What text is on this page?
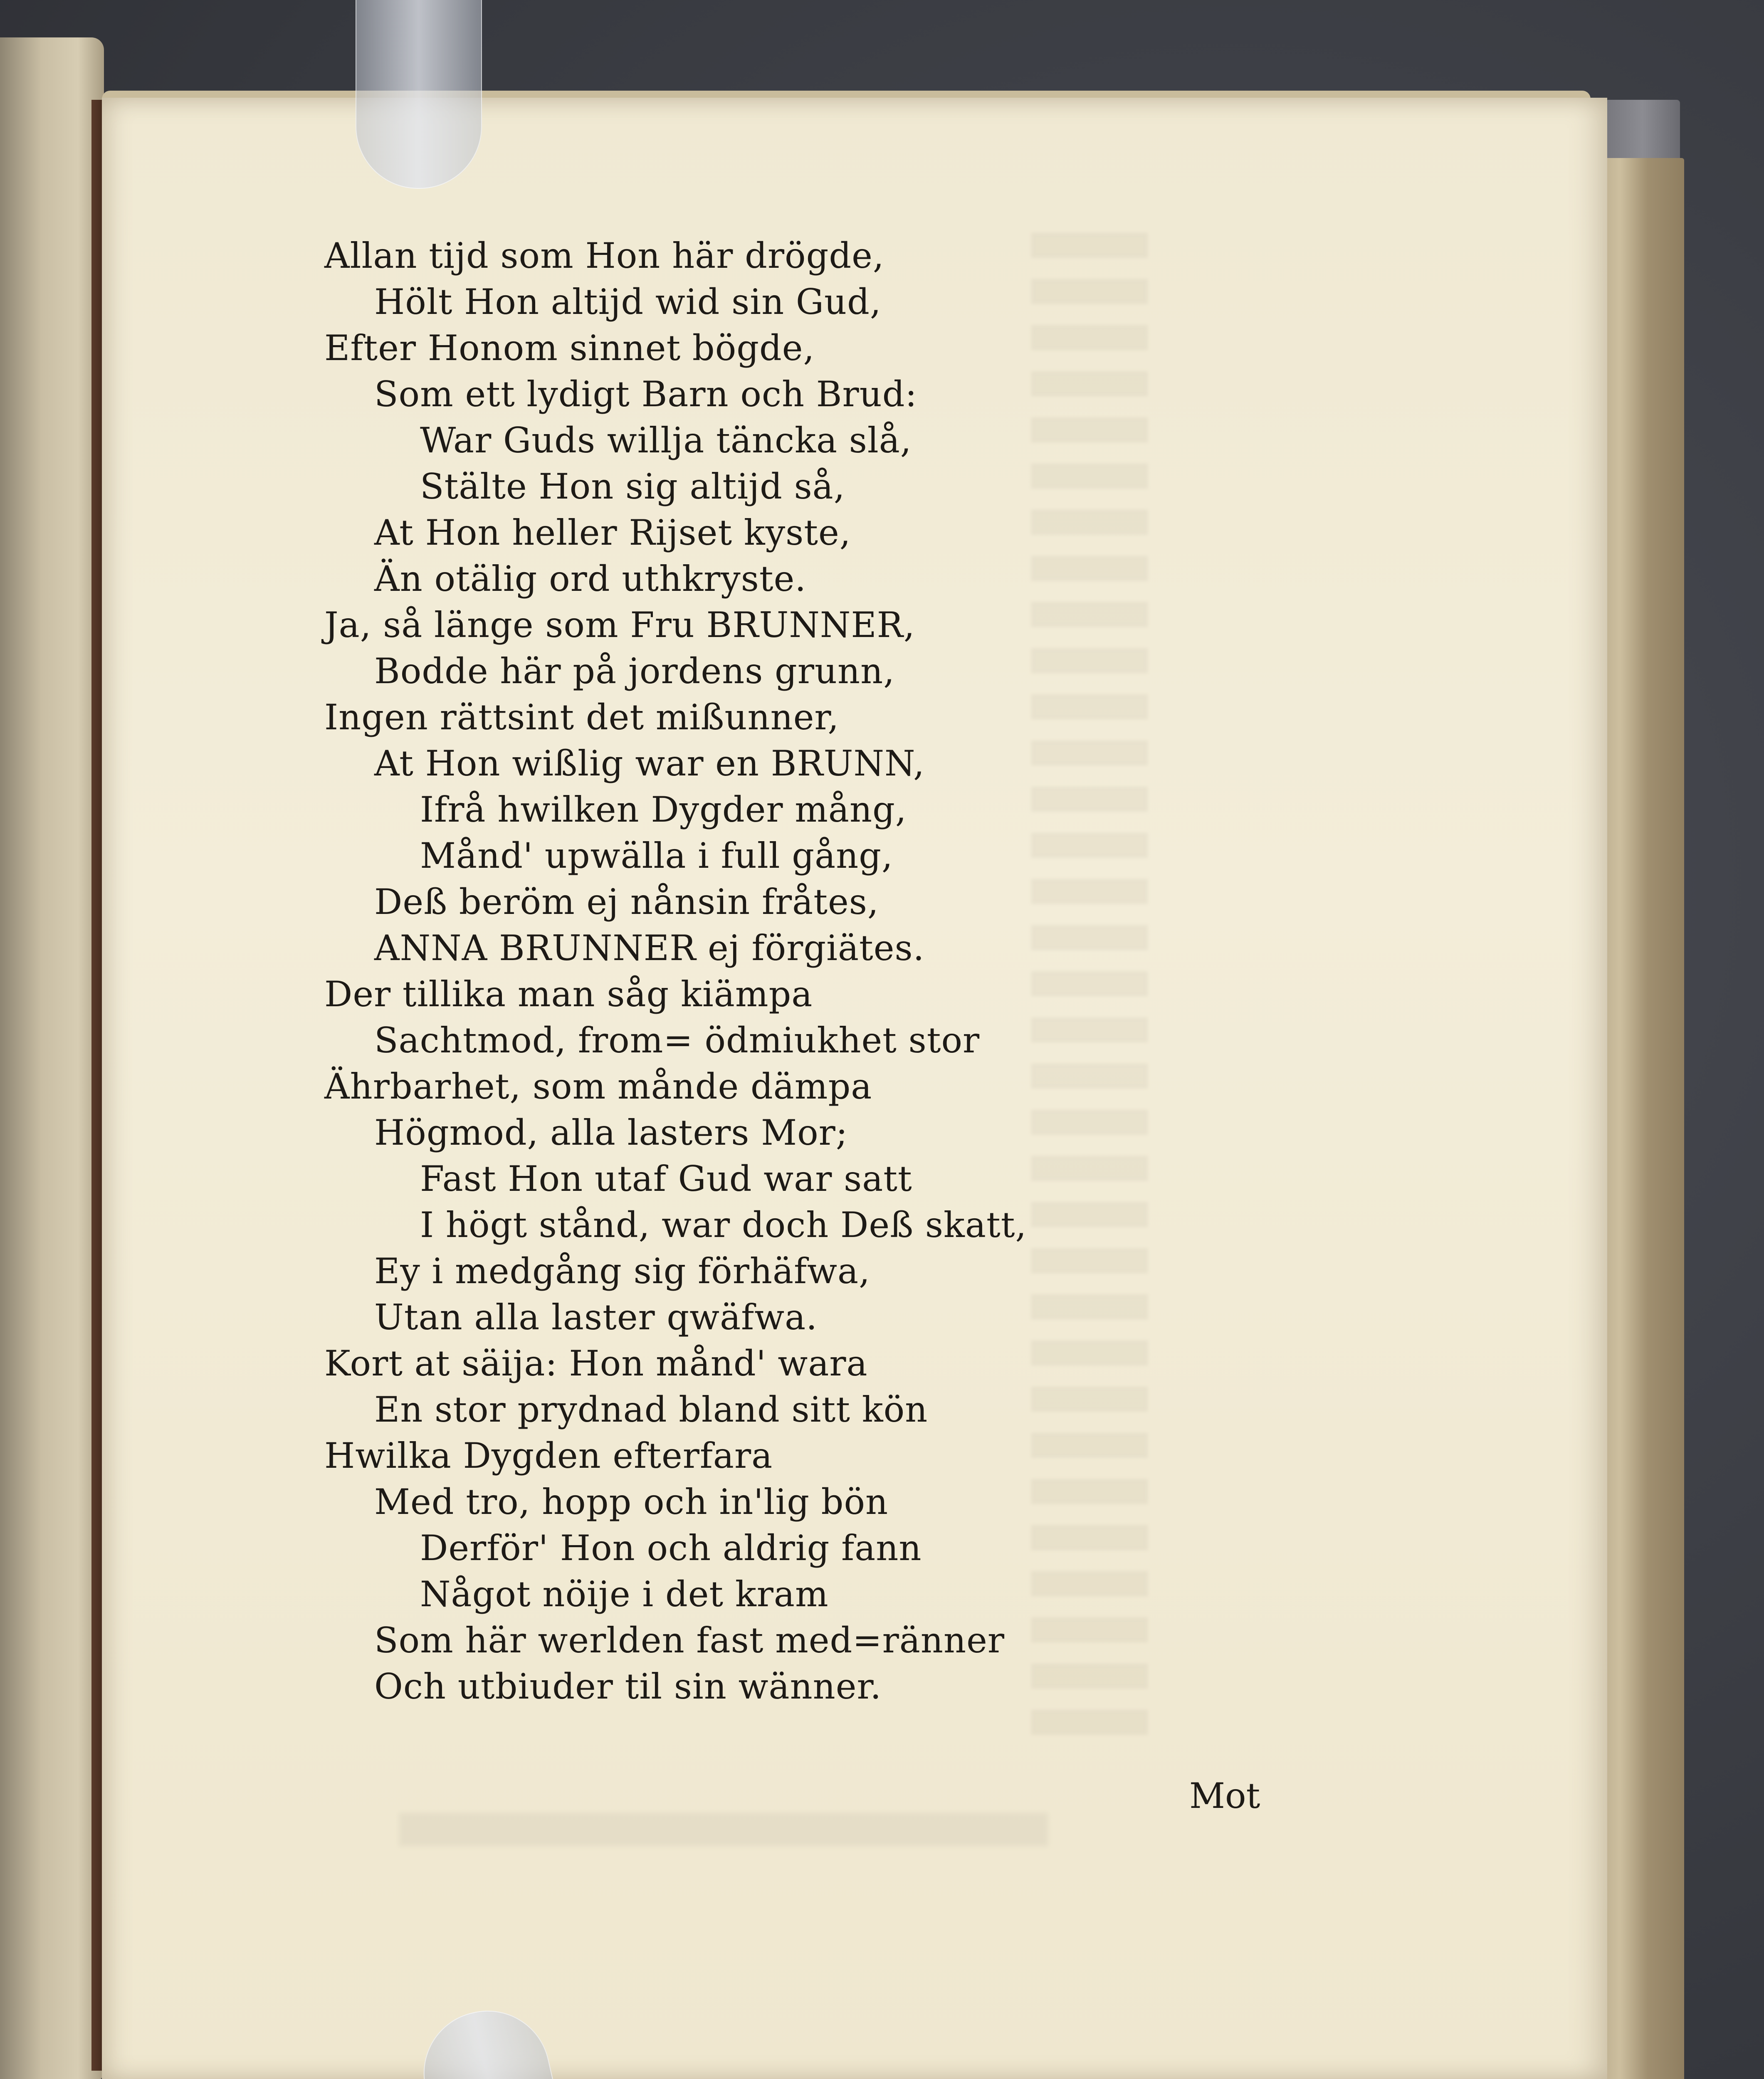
Allan tijd som Hon här drögde,
Hölt Hon altijd wid sin Gud,
Efter Honom sinnet bögde,
Som ett lydigt Barn och Brud:
War Guds willja täncka slå,
Stälte Hon sig altijd så,
At Hon heller Rijset kyste,
Än otälig ord uthkryste.
Ja, så länge som Fru BRUNNER,
Bodde här på jordens grunn,
Ingen rättsint det mißunner,
At Hon wißlig war en BRUNN,
Ifrå hwilken Dygder mång,
Månd' upwälla i full gång,
Deß beröm ej nånsin fråtes,
ANNA BRUNNER ej förgiätes.
Der tillika man såg kiämpa
Sachtmod, from= ödmiukhet stor
Ährbarhet, som månde dämpa
Högmod, alla lasters Mor;
Fast Hon utaf Gud war satt
I högt stånd, war doch Deß skatt,
Ey i medgång sig förhäfwa,
Utan alla laster qwäfwa.
Kort at säija: Hon månd' wara
En stor prydnad bland sitt kön
Hwilka Dygden efterfara
Med tro, hopp och in'lig bön
Derför' Hon och aldrig fann
Något nöije i det kram
Som här werlden fast med=ränner
Och utbiuder til sin wänner.
Mot
